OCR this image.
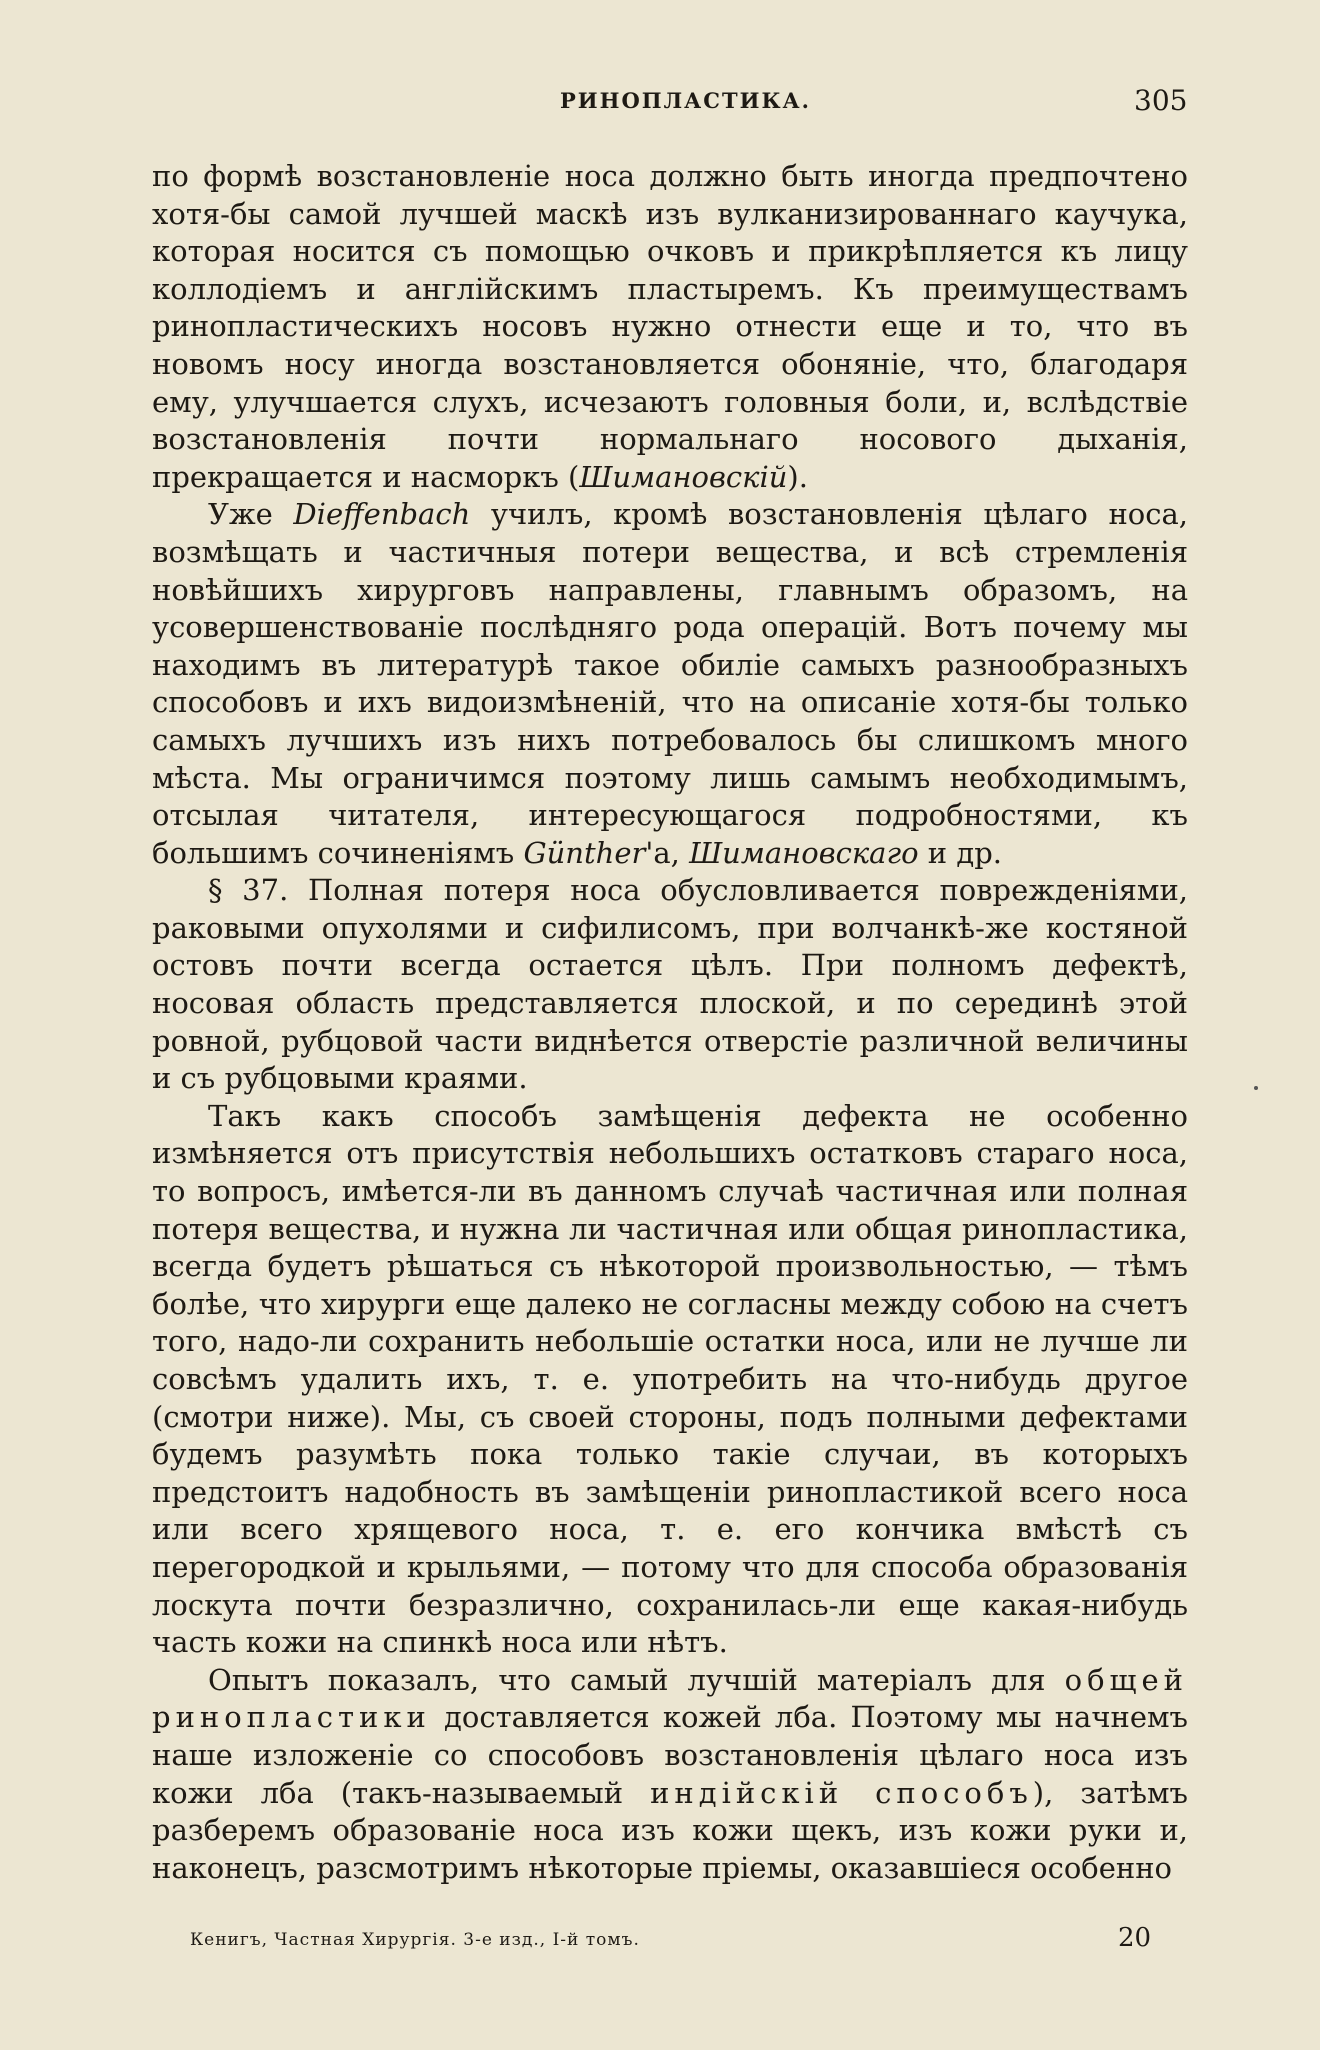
РИНОПЛАСТИКА.	305

по формѣ возстановленіе носа должно быть иногда предпочтено хотя-бы самой лучшей маскѣ изъ вулканизированнаго каучука, которая носится съ помощью очковъ и прикрѣпляется къ лицу коллодіемъ и англійскимъ пластыремъ. Къ преимуществамъ ринопластическихъ носовъ нужно отнести еще и то, что въ новомъ носу иногда возстановляется обоняніе, что, благодаря ему, улучшается слухъ, исчезаютъ головныя боли, и, вслѣдствіе возстановленія почти нормальнаго носового дыханія, прекращается и насморкъ (Шимановскій).

Уже Dieffenbach училъ, кромѣ возстановленія цѣлаго носа, возмѣщать и частичныя потери вещества, и всѣ стремленія новѣйшихъ хирурговъ направлены, главнымъ образомъ, на усовершенствованіе послѣдняго рода операцій. Вотъ почему мы находимъ въ литературѣ такое обиліе самыхъ разнообразныхъ способовъ и ихъ видоизмѣненій, что на описаніе хотя-бы только самыхъ лучшихъ изъ нихъ потребовалось бы слишкомъ много мѣста. Мы ограничимся поэтому лишь самымъ необходимымъ, отсылая читателя, интересующагося подробностями, къ большимъ сочиненіямъ Günther'а, Шимановскаго и др.

§ 37. Полная потеря носа обусловливается поврежденіями, раковыми опухолями и сифилисомъ, при волчанкѣ-же костяной остовъ почти всегда остается цѣлъ. При полномъ дефектѣ, носовая область представляется плоской, и по серединѣ этой ровной, рубцовой части виднѣется отверстіе различной величины и съ рубцовыми краями.

Такъ какъ способъ замѣщенія дефекта не особенно измѣняется отъ присутствія небольшихъ остатковъ стараго носа, то вопросъ, имѣется-ли въ данномъ случаѣ частичная или полная потеря вещества, и нужна ли частичная или общая ринопластика, всегда будетъ рѣшаться съ нѣкоторой произвольностью, — тѣмъ болѣе, что хирурги еще далеко не согласны между собою на счетъ того, надо-ли сохранить небольшіе остатки носа, или не лучше ли совсѣмъ удалить ихъ, т. е. употребить на что-нибудь другое (смотри ниже). Мы, съ своей стороны, подъ полными дефектами будемъ разумѣть пока только такіе случаи, въ которыхъ предстоитъ надобность въ замѣщеніи ринопластикой всего носа или всего хрящевого носа, т. е. его кончика вмѣстѣ съ перегородкой и крыльями, — потому что для способа образованія лоскута почти безразлично, сохранилась-ли еще какая-нибудь часть кожи на спинкѣ носа или нѣтъ.

Опытъ показалъ, что самый лучшій матеріалъ для общей ринопластики доставляется кожей лба. Поэтому мы начнемъ наше изложеніе со способовъ возстановленія цѣлаго носа изъ кожи лба (такъ-называемый индійскій способъ), затѣмъ разберемъ образованіе носа изъ кожи щекъ, изъ кожи руки и, наконецъ, разсмотримъ нѣкоторые пріемы, оказавшіеся особенно

Кенигъ, Частная Хирургія. 3-е изд., І-й томъ.	20
